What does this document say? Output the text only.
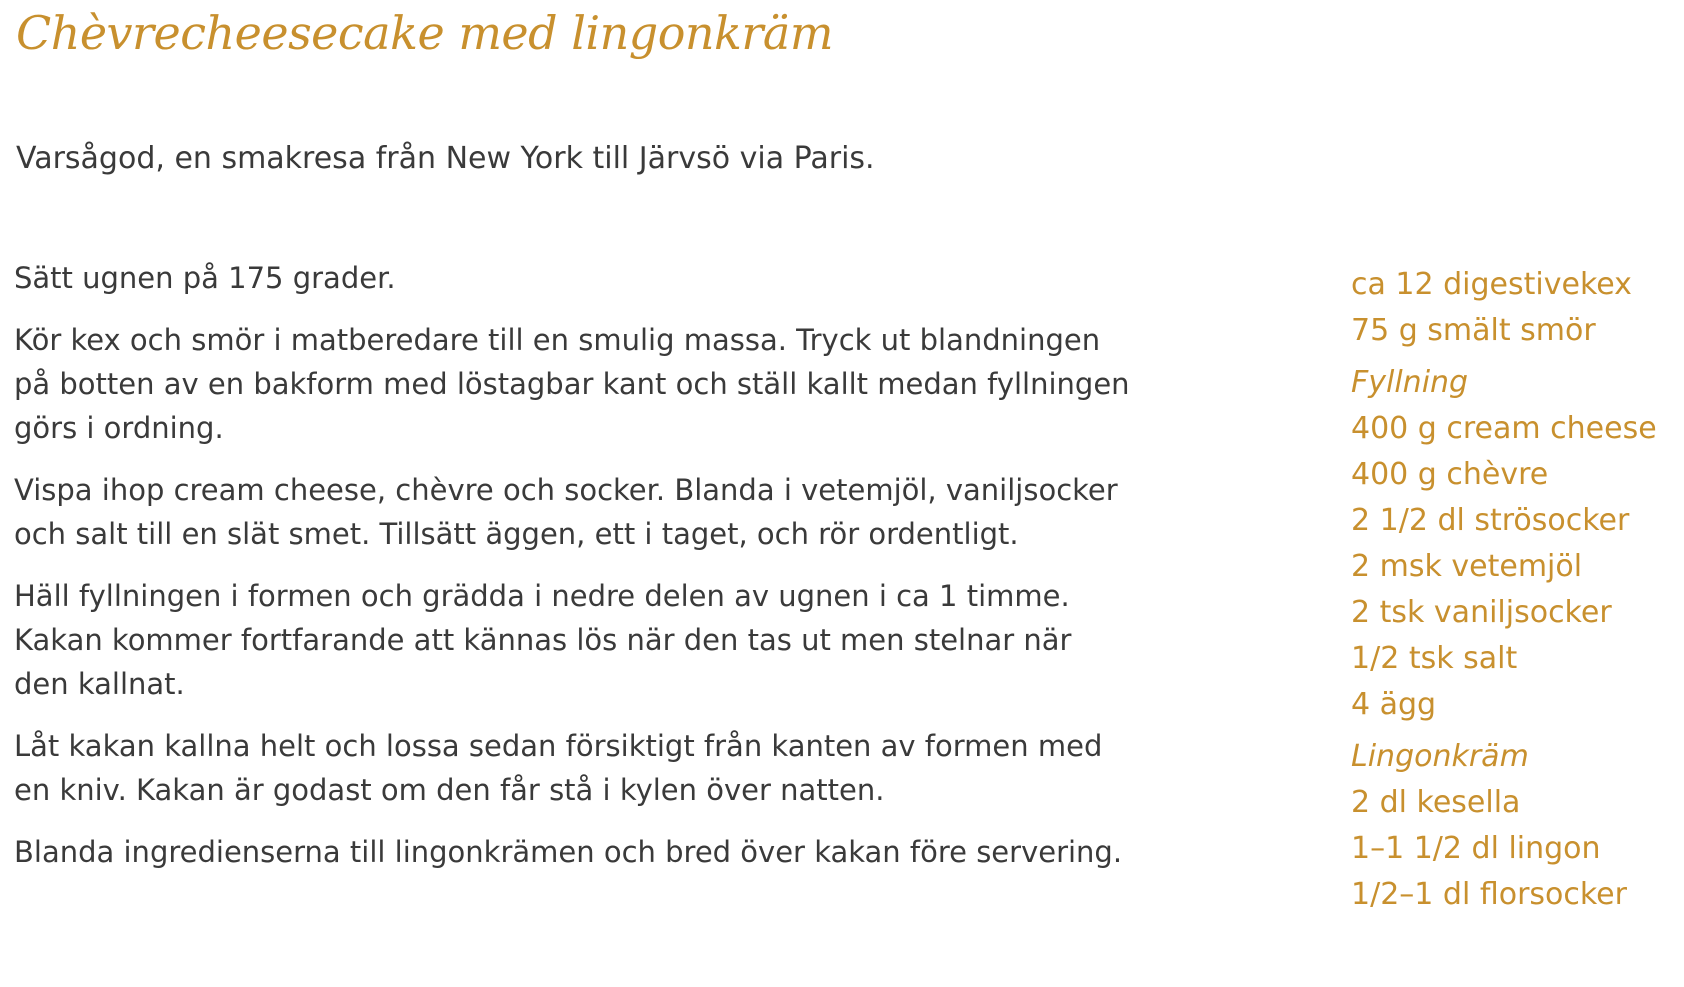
Chèvrecheesecake med lingonkräm

Varsågod, en smakresa från New York till Järvsö via Paris.

Sätt ugnen på 175 grader.

Kör kex och smör i matberedare till en smulig massa. Tryck ut blandningen
på botten av en bakform med löstagbar kant och ställ kallt medan fyllningen
görs i ordning.

Vispa ihop cream cheese, chèvre och socker. Blanda i vetemjöl, vaniljsocker
och salt till en slät smet. Tillsätt äggen, ett i taget, och rör ordentligt.

Häll fyllningen i formen och grädda i nedre delen av ugnen i ca 1 timme.
Kakan kommer fortfarande att kännas lös när den tas ut men stelnar när
den kallnat.

Låt kakan kallna helt och lossa sedan försiktigt från kanten av formen med
en kniv. Kakan är godast om den får stå i kylen över natten.

Blanda ingredienserna till lingonkrämen och bred över kakan före servering.

ca 12 digestivekex
75 g smält smör
Fyllning
400 g cream cheese
400 g chèvre
2 1/2 dl strösocker
2 msk vetemjöl
2 tsk vaniljsocker
1/2 tsk salt
4 ägg
Lingonkräm
2 dl kesella
1–1 1/2 dl lingon
1/2–1 dl florsocker
